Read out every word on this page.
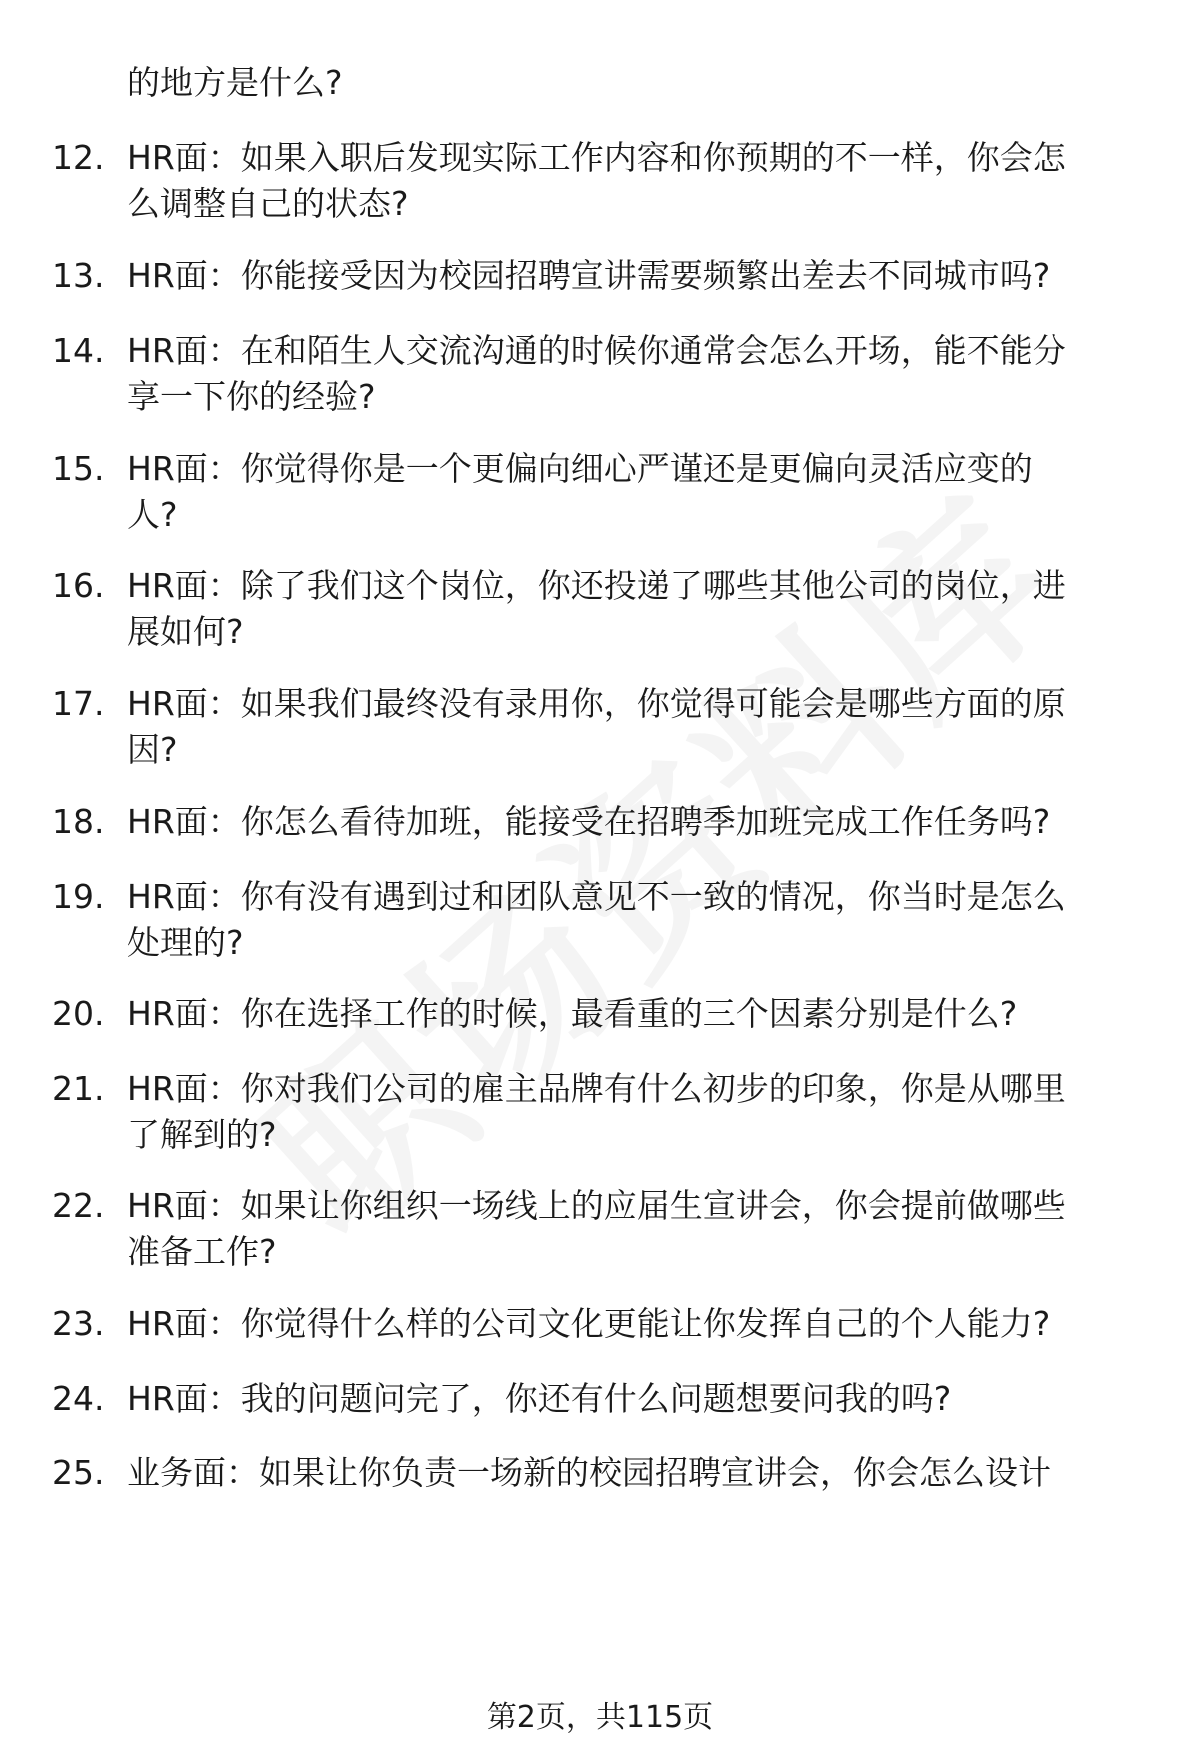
的地方是什么?
12. HR面：如果入职后发现实际工作内容和你预期的不一样，你会怎
么调整自己的状态?
13. HR面：你能接受因为校园招聘宣讲需要频繁出差去不同城市吗?
14. HR面：在和陌生人交流沟通的时候你通常会怎么开场，能不能分
享一下你的经验?
15. HR面：你觉得你是一个更偏向细心严谨还是更偏向灵活应变的
人?
16. HR面：除了我们这个岗位，你还投递了哪些其他公司的岗位，进
展如何?
17. HR面：如果我们最终没有录用你，你觉得可能会是哪些方面的原
因?
18. HR面：你怎么看待加班，能接受在招聘季加班完成工作任务吗?
19. HR面：你有没有遇到过和团队意见不一致的情况，你当时是怎么
处理的?
20. HR面：你在选择工作的时候，最看重的三个因素分别是什么?
21. HR面：你对我们公司的雇主品牌有什么初步的印象，你是从哪里
了解到的?
22. HR面：如果让你组织一场线上的应届生宣讲会，你会提前做哪些
准备工作?
23. HR面：你觉得什么样的公司文化更能让你发挥自己的个人能力?
24. HR面：我的问题问完了，你还有什么问题想要问我的吗?
25. 业务面：如果让你负责一场新的校园招聘宣讲会，你会怎么设计
第2页，共115页
